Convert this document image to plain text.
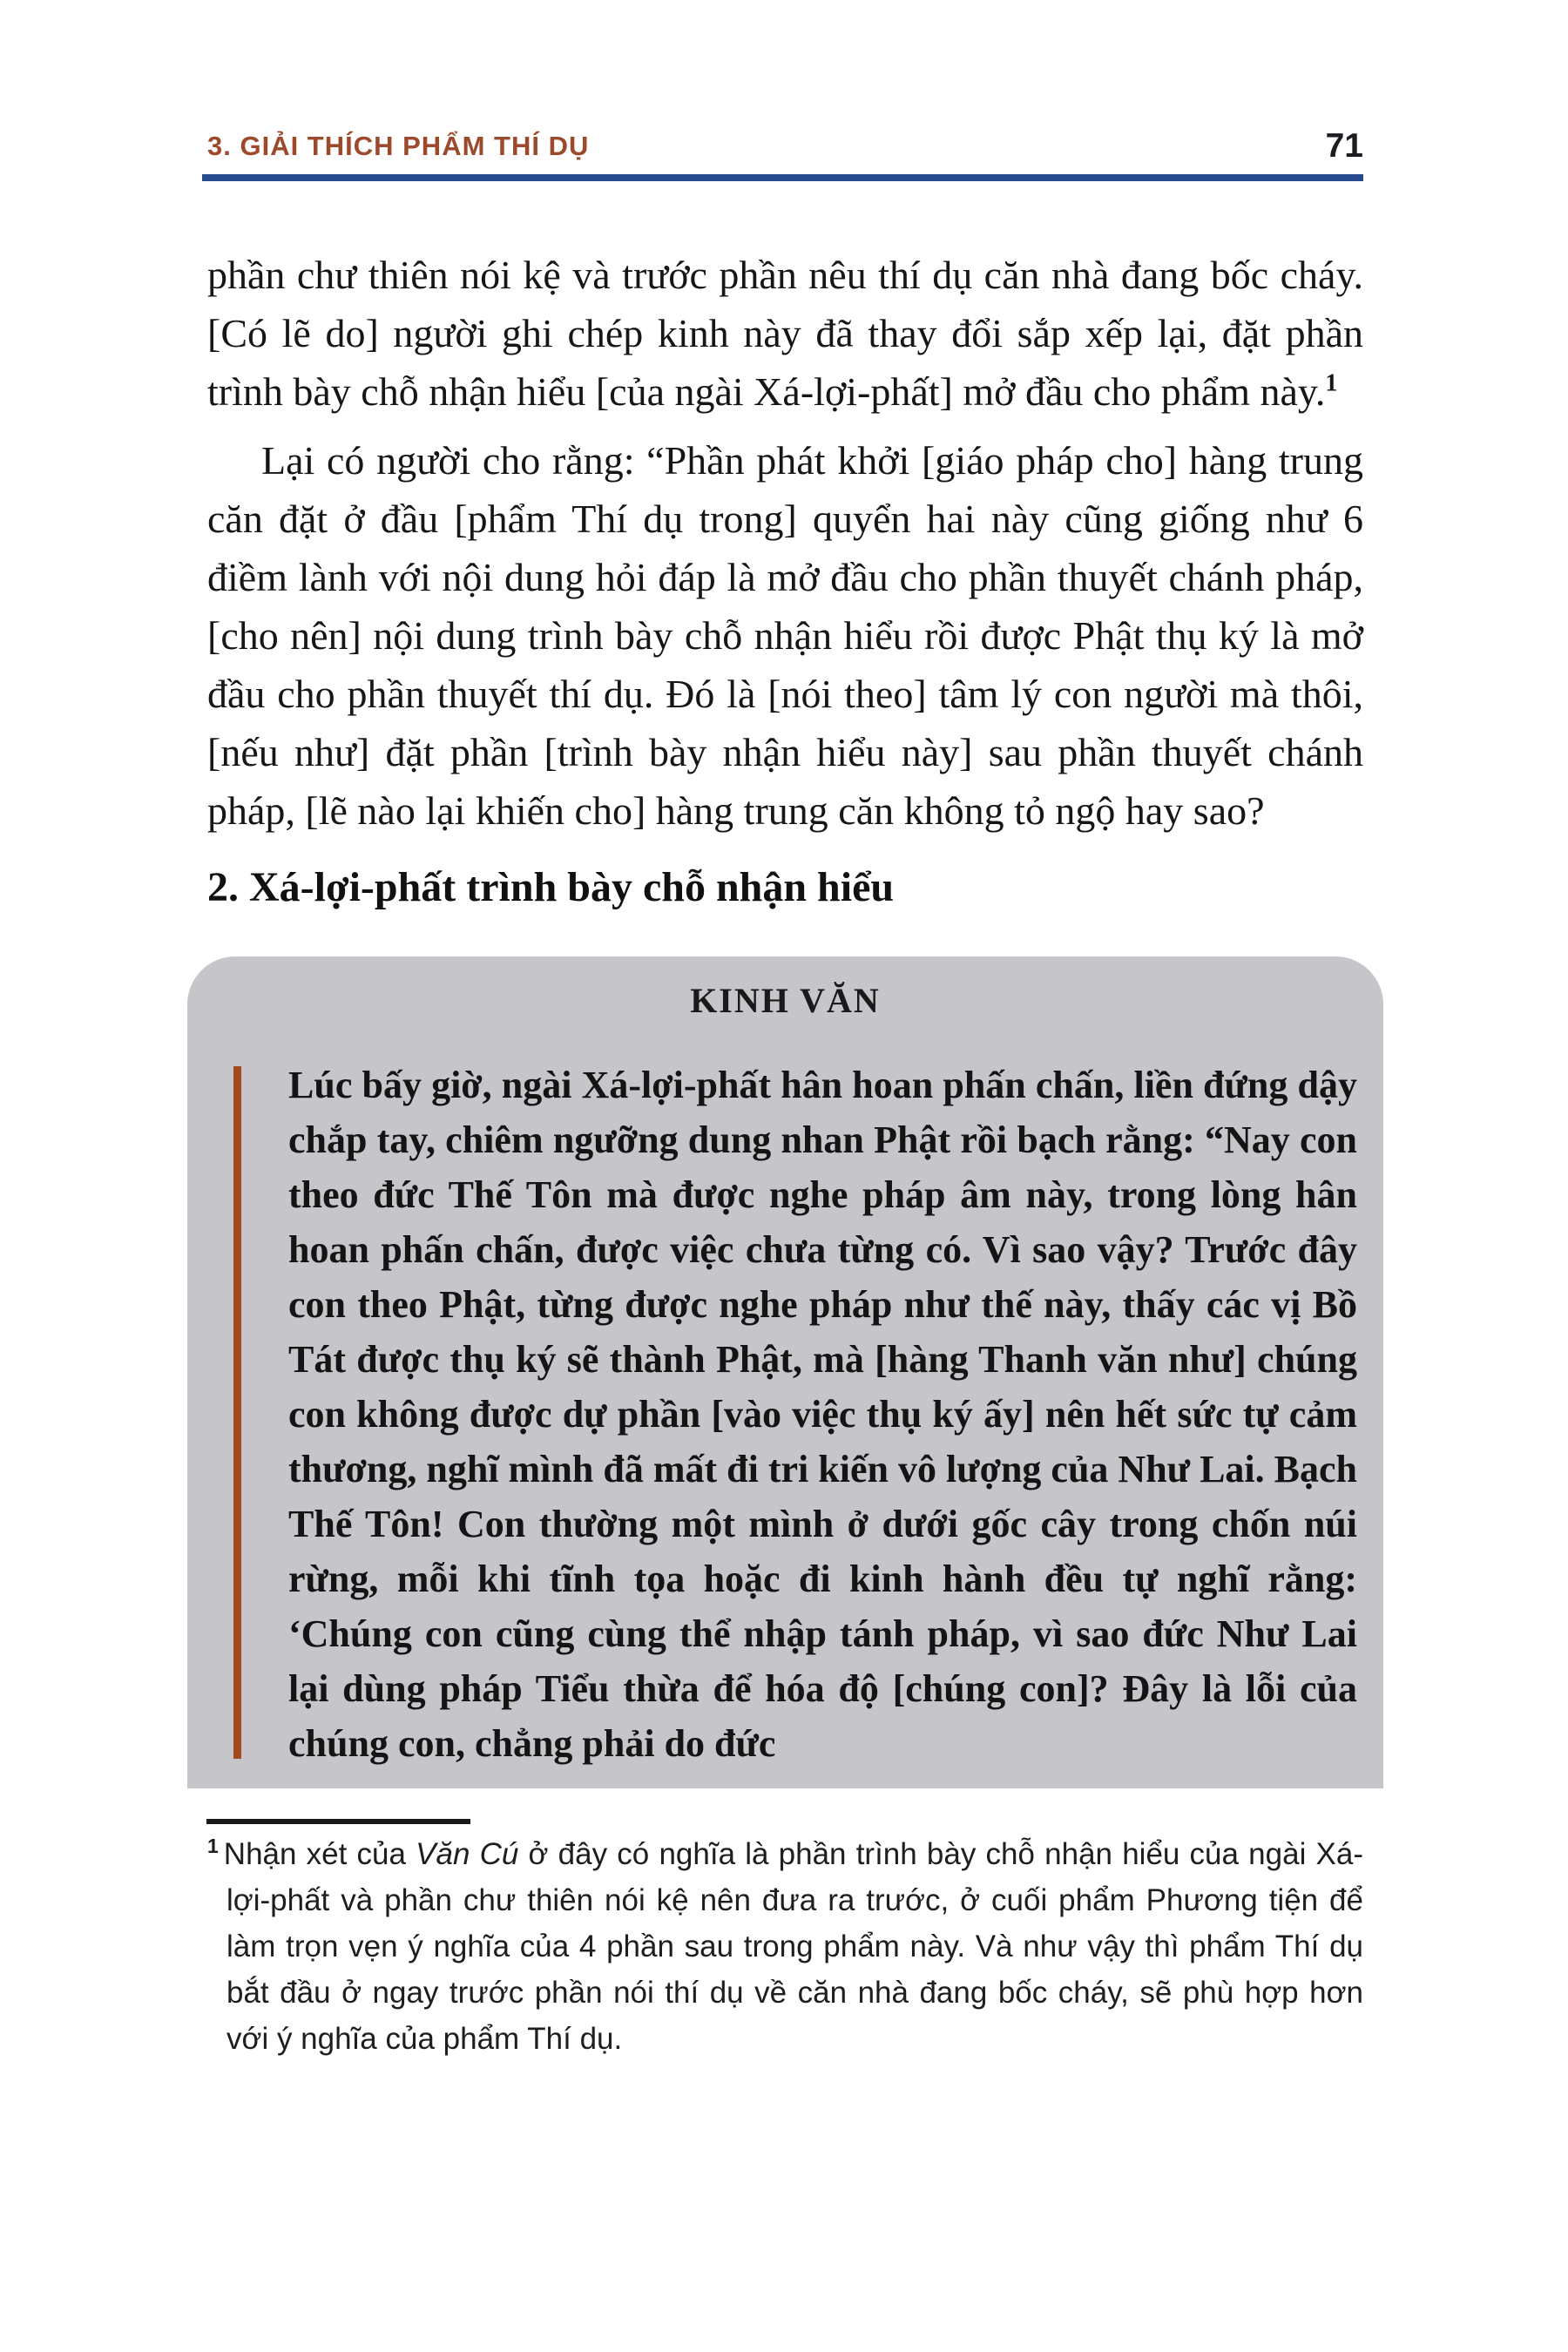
3. GIẢI THÍCH PHẨM THÍ DỤ	71

phần chư thiên nói kệ và trước phần nêu thí dụ căn nhà đang bốc cháy. [Có lẽ do] người ghi chép kinh này đã thay đổi sắp xếp lại, đặt phần trình bày chỗ nhận hiểu [của ngài Xá-lợi-phất] mở đầu cho phẩm này.$^1$

Lại có người cho rằng: “Phần phát khởi [giáo pháp cho] hàng trung căn đặt ở đầu [phẩm Thí dụ trong] quyển hai này cũng giống như 6 điềm lành với nội dung hỏi đáp là mở đầu cho phần thuyết chánh pháp, [cho nên] nội dung trình bày chỗ nhận hiểu rồi được Phật thụ ký là mở đầu cho phần thuyết thí dụ. Đó là [nói theo] tâm lý con người mà thôi, [nếu như] đặt phần [trình bày nhận hiểu này] sau phần thuyết chánh pháp, [lẽ nào lại khiến cho] hàng trung căn không tỏ ngộ hay sao?

2. Xá-lợi-phất trình bày chỗ nhận hiểu
KINH VĂN

Lúc bấy giờ, ngài Xá-lợi-phất hân hoan phấn chấn, liền đứng dậy chắp tay, chiêm ngưỡng dung nhan Phật rồi bạch rằng: “Nay con theo đức Thế Tôn mà được nghe pháp âm này, trong lòng hân hoan phấn chấn, được việc chưa từng có. Vì sao vậy? Trước đây con theo Phật, từng được nghe pháp như thế này, thấy các vị Bồ Tát được thụ ký sẽ thành Phật, mà [hàng Thanh văn như] chúng con không được dự phần [vào việc thụ ký ấy] nên hết sức tự cảm thương, nghĩ mình đã mất đi tri kiến vô lượng của Như Lai. Bạch Thế Tôn! Con thường một mình ở dưới gốc cây trong chốn núi rừng, mỗi khi tĩnh tọa hoặc đi kinh hành đều tự nghĩ rằng: ‘Chúng con cũng cùng thể nhập tánh pháp, vì sao đức Như Lai lại dùng pháp Tiểu thừa để hóa độ [chúng con]? Đây là lỗi của chúng con, chẳng phải do đức

$^1$ Nhận xét của Văn Cú ở đây có nghĩa là phần trình bày chỗ nhận hiểu của ngài Xá-lợi-phất và phần chư thiên nói kệ nên đưa ra trước, ở cuối phẩm Phương tiện để làm trọn vẹn ý nghĩa của 4 phần sau trong phẩm này. Và như vậy thì phẩm Thí dụ bắt đầu ở ngay trước phần nói thí dụ về căn nhà đang bốc cháy, sẽ phù hợp hơn với ý nghĩa của phẩm Thí dụ.
